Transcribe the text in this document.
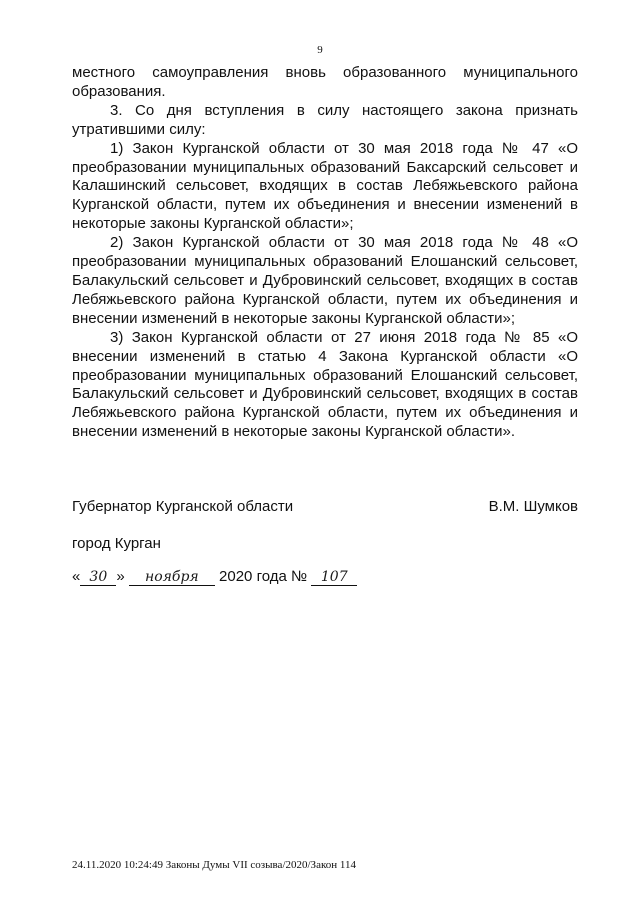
9

местного самоуправления вновь образованного муниципального образования.

3. Со дня вступления в силу настоящего закона признать утратившими силу:

1) Закон Курганской области от 30 мая 2018 года № 47 «О преобразовании муниципальных образований Баксарский сельсовет и Калашинский сельсовет, входящих в состав Лебяжьевского района Курганской области, путем их объединения и внесении изменений в некоторые законы Курганской области»;

2) Закон Курганской области от 30 мая 2018 года № 48 «О преобразовании муниципальных образований Елошанский сельсовет, Балакульский сельсовет и Дубровинский сельсовет, входящих в состав Лебяжьевского района Курганской области, путем их объединения и внесении изменений в некоторые законы Курганской области»;

3) Закон Курганской области от 27 июня 2018 года № 85 «О внесении изменений в статью 4 Закона Курганской области «О преобразовании муниципальных образований Елошанский сельсовет, Балакульский сельсовет и Дубровинский сельсовет, входящих в состав Лебяжьевского района Курганской области, путем их объединения и внесении изменений в некоторые законы Курганской области».

Губернатор Курганской области	В.М. Шумков
город Курган
« 30 » ноября 2020 года № 107
24.11.2020 10:24:49 Законы Думы VII созыва/2020/Закон 114
